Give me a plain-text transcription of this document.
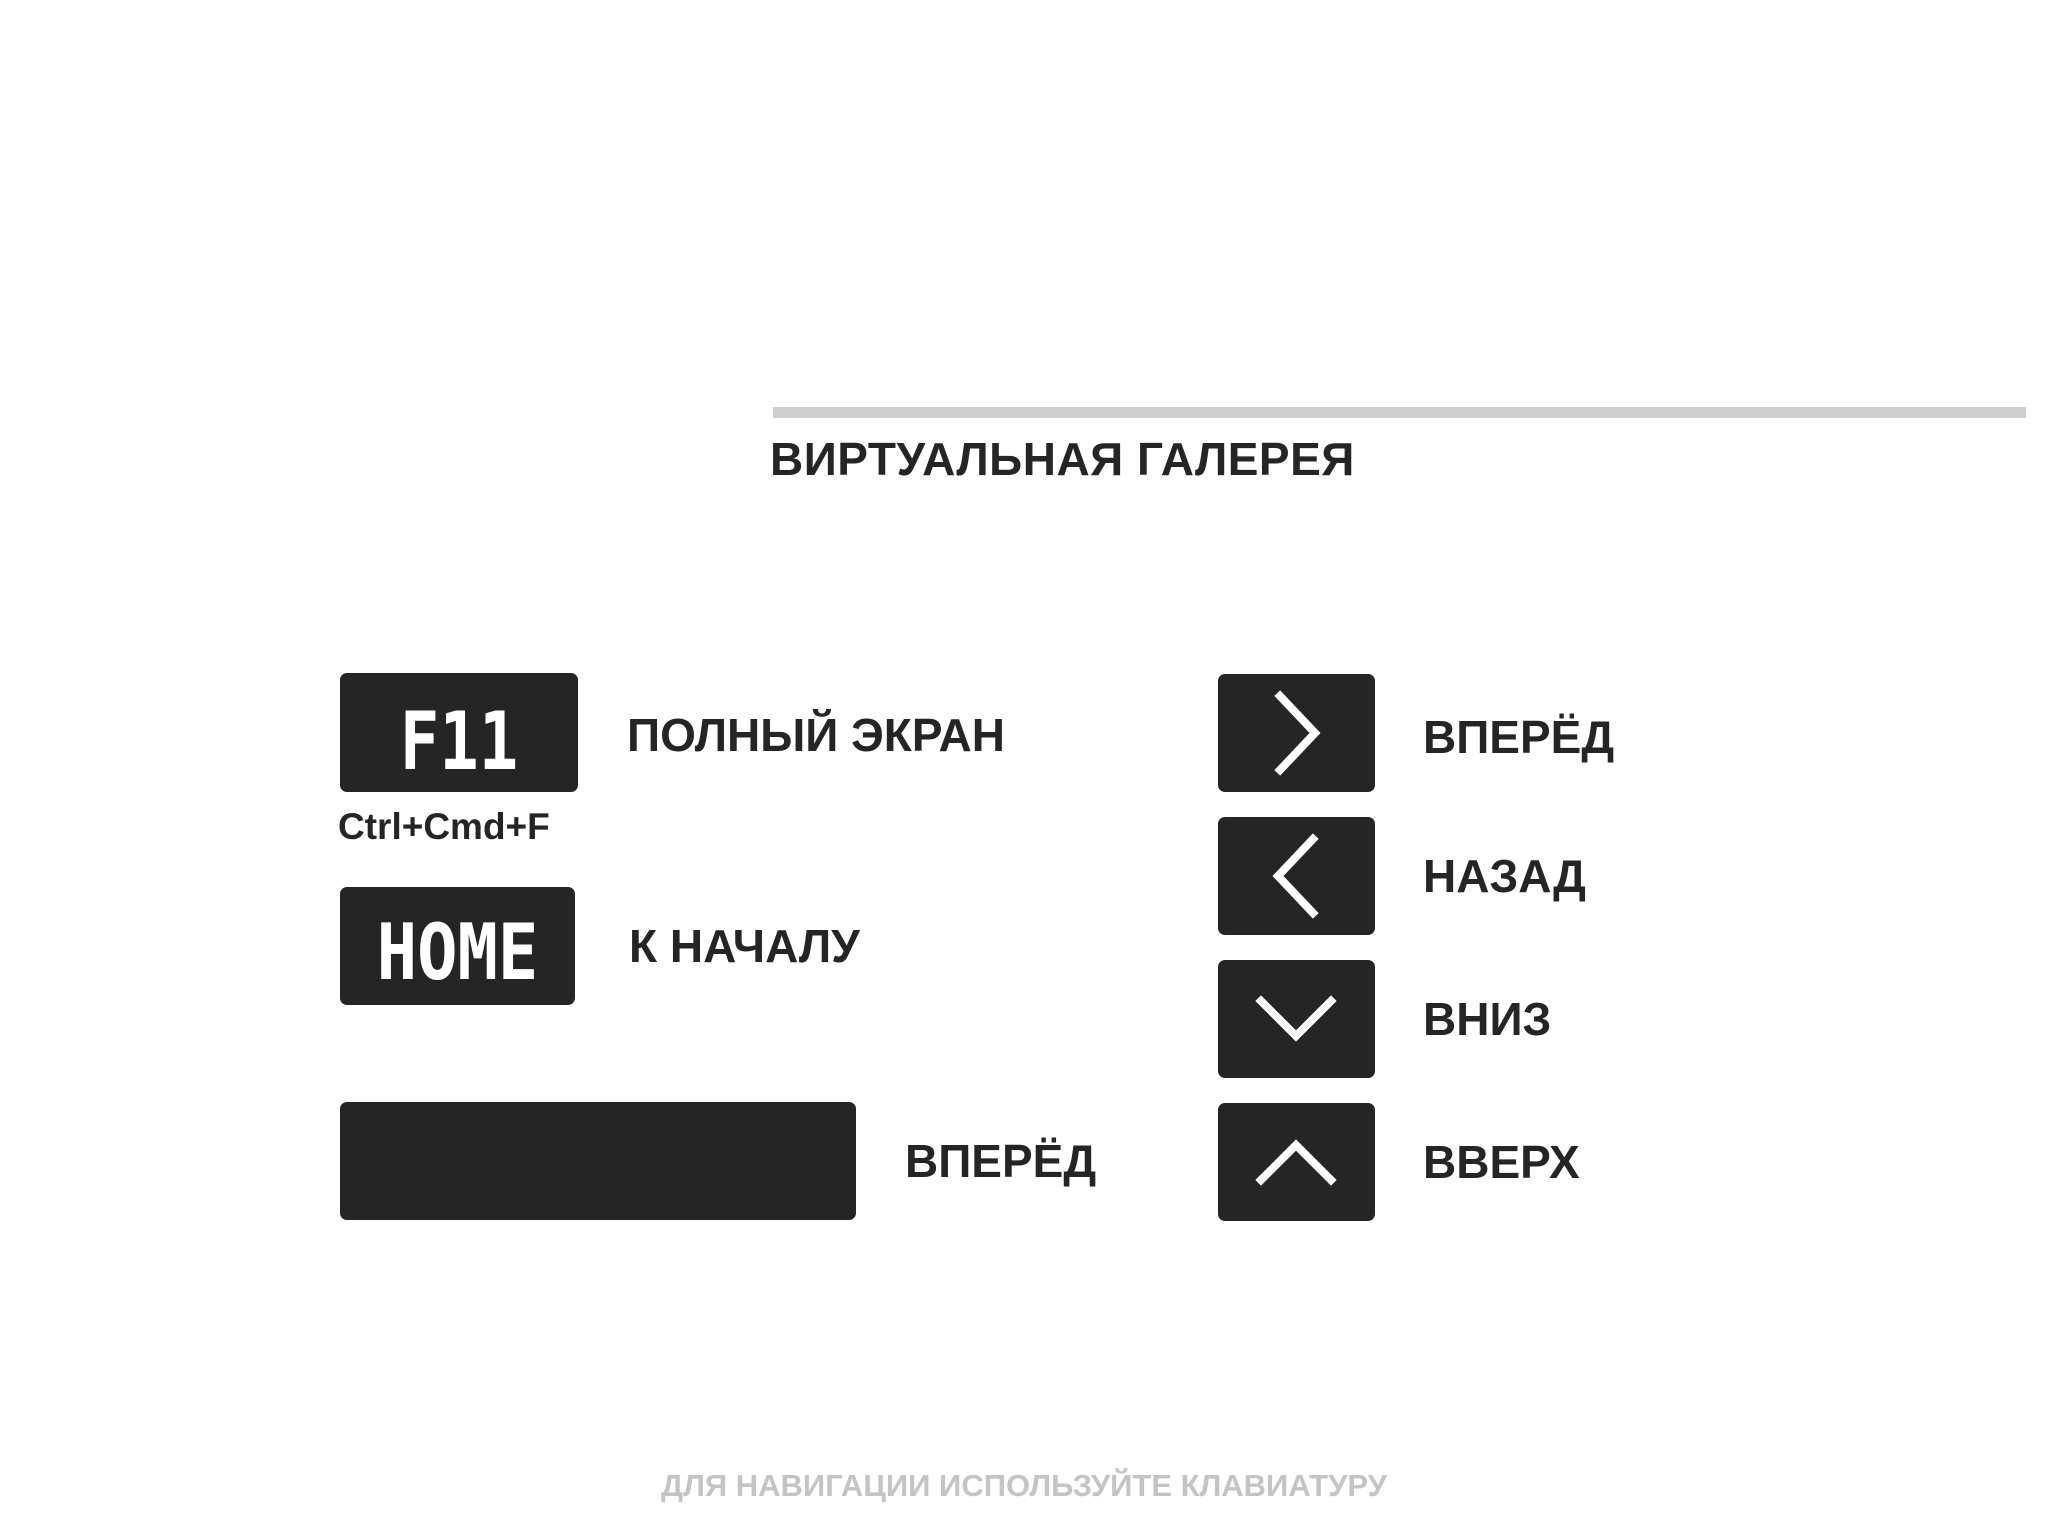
ВИРТУАЛЬНАЯ ГАЛЕРЕЯ
F11
Ctrl+Cmd+F
ПОЛНЫЙ ЭКРАН
HOME К НАЧАЛУ
ВПЕРЁД
ВПЕРЁД
НАЗАД
ВНИЗ
ВВЕРХ
ДЛЯ НАВИГАЦИИ ИСПОЛЬЗУЙТЕ КЛАВИАТУРУ
